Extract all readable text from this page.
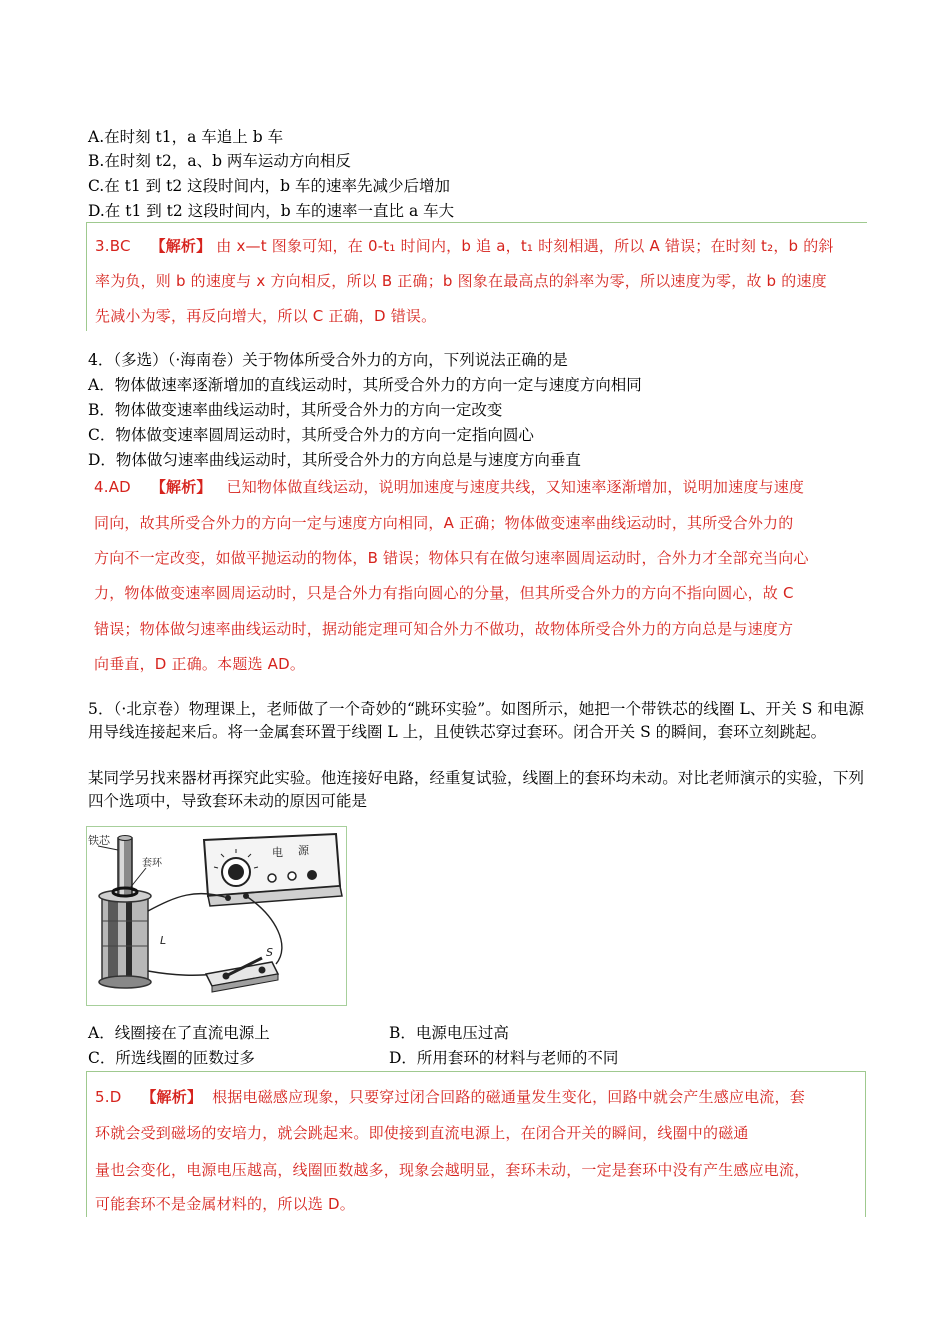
A.在时刻 t1，a 车追上 b 车
B.在时刻 t2，a、b 两车运动方向相反
C.在 t1 到 t2 这段时间内，b 车的速率先减少后增加
D.在 t1 到 t2 这段时间内，b 车的速率一直比 a 车大
3.BC 【解析】 由 x—t 图象可知，在 0-t₁ 时间内，b 追 a，t₁ 时刻相遇，所以 A 错误；在时刻 t₂，b 的斜
率为负，则 b 的速度与 x 方向相反，所以 B 正确；b 图象在最高点的斜率为零，所以速度为零，故 b 的速度
先减小为零，再反向增大，所以 C 正确，D 错误。
4．（多选）（·海南卷）关于物体所受合外力的方向，下列说法正确的是
A．物体做速率逐渐增加的直线运动时，其所受合外力的方向一定与速度方向相同
B．物体做变速率曲线运动时，其所受合外力的方向一定改变
C．物体做变速率圆周运动时，其所受合外力的方向一定指向圆心
D．物体做匀速率曲线运动时，其所受合外力的方向总是与速度方向垂直
4.AD 【解析】 已知物体做直线运动，说明加速度与速度共线，又知速率逐渐增加，说明加速度与速度
同向，故其所受合外力的方向一定与速度方向相同，A 正确；物体做变速率曲线运动时，其所受合外力的
方向不一定改变，如做平抛运动的物体，B 错误；物体只有在做匀速率圆周运动时，合外力才全部充当向心
力，物体做变速率圆周运动时，只是合外力有指向圆心的分量，但其所受合外力的方向不指向圆心，故 C
错误；物体做匀速率曲线运动时，据动能定理可知合外力不做功，故物体所受合外力的方向总是与速度方
向垂直，D 正确。本题选 AD。
5．（·北京卷）物理课上，老师做了一个奇妙的“跳环实验”。如图所示，她把一个带铁芯的线圈 L、开关 S 和电源用导线连接起来后。将一金属套环置于线圈 L 上，且使铁芯穿过套环。闭合开关 S 的瞬间，套环立刻跳起。
某同学另找来器材再探究此实验。他连接好电路，经重复试验，线圈上的套环均未动。对比老师演示的实验，下列四个选项中，导致套环未动的原因可能是
铁芯
套环
L
电 源
S
A．线圈接在了直流电源上	B．电源电压过高
C．所选线圈的匝数过多	D．所用套环的材料与老师的不同
5.D 【解析】 根据电磁感应现象，只要穿过闭合回路的磁通量发生变化，回路中就会产生感应电流，套
环就会受到磁场的安培力，就会跳起来。即使接到直流电源上，在闭合开关的瞬间，线圈中的磁通
量也会变化，电源电压越高，线圈匝数越多，现象会越明显，套环未动，一定是套环中没有产生感应电流，
可能套环不是金属材料的，所以选 D。
